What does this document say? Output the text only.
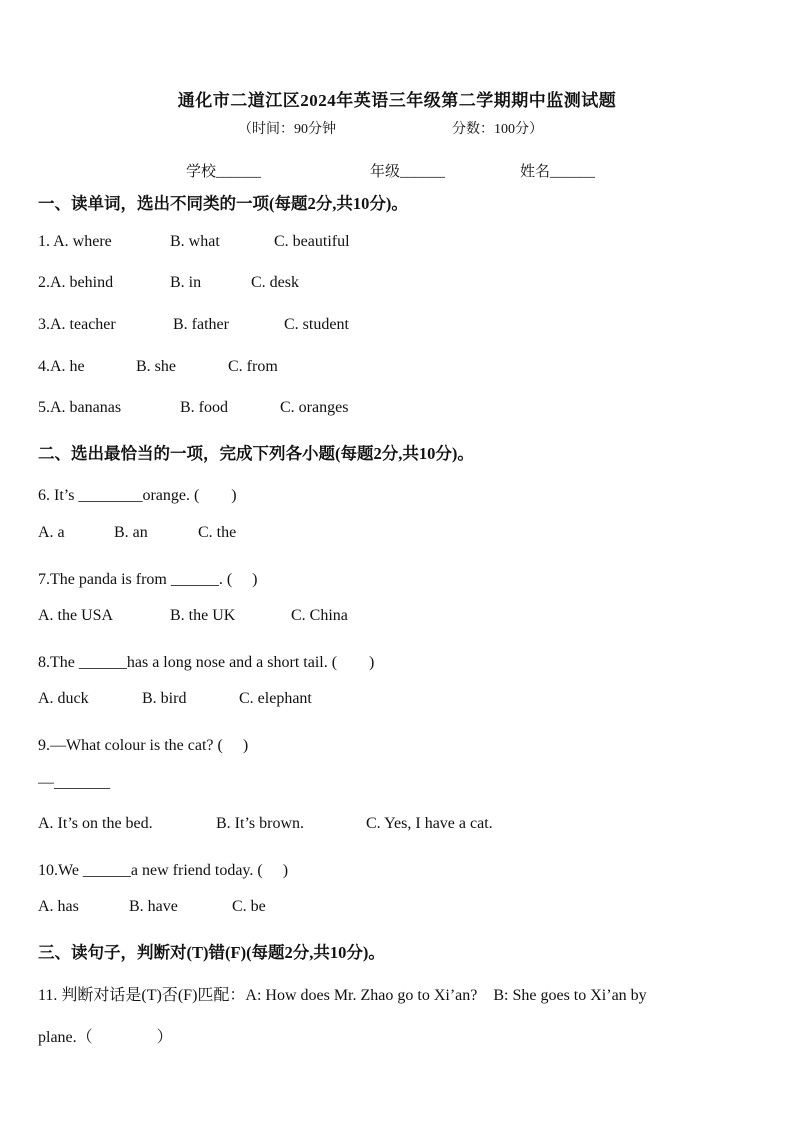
通化市二道江区2024年英语三年级第二学期期中监测试题
（时间：90分钟	分数：100分）
学校______	年级______	姓名______
一、读单词，选出不同类的一项(每题2分,共10分)。
1. A. where	B. what	C. beautiful
2.A. behind	B. in	C. desk
3.A. teacher	B. father	C. student
4.A. he	B. she	C. from
5.A. bananas	B. food	C. oranges
二、选出最恰当的一项，完成下列各小题(每题2分,共10分)。
6. It’s ________orange. (　　)
A. a	B. an	C. the
7.The panda is from ______. (　 )
A. the USA	B. the UK	C. China
8.The ______has a long nose and a short tail. (　　)
A. duck	B. bird	C. elephant
9.—What colour is the cat? (　 )
—_______
A. It’s on the bed.	B. It’s brown.	C. Yes, I have a cat.
10.We ______a new friend today. (　 )
A. has	B. have	C. be
三、读句子，判断对(T)错(F)(每题2分,共10分)。
11. 判断对话是(T)否(F)匹配：A: How does Mr. Zhao go to Xi’an?　B: She goes to Xi’an by
plane.（　　　　）
